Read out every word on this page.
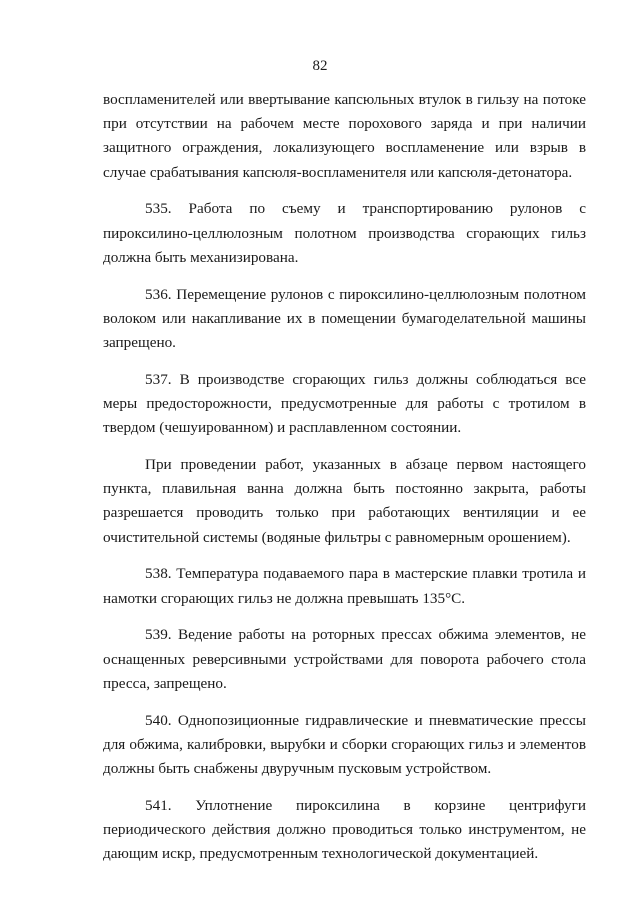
82

воспламенителей или ввертывание капсюльных втулок в гильзу на потоке при отсутствии на рабочем месте порохового заряда и при наличии защитного ограждения, локализующего воспламенение или взрыв в случае срабатывания капсюля-воспламенителя или капсюля-детонатора.

535. Работа по съему и транспортированию рулонов с пироксилино-целлюлозным полотном производства сгорающих гильз должна быть механизирована.

536. Перемещение рулонов с пироксилино-целлюлозным полотном волоком или накапливание их в помещении бумагоделательной машины запрещено.

537. В производстве сгорающих гильз должны соблюдаться все меры предосторожности, предусмотренные для работы с тротилом в твердом (чешуированном) и расплавленном состоянии.

При проведении работ, указанных в абзаце первом настоящего пункта, плавильная ванна должна быть постоянно закрыта, работы разрешается проводить только при работающих вентиляции и ее очистительной системы (водяные фильтры с равномерным орошением).

538. Температура подаваемого пара в мастерские плавки тротила и намотки сгорающих гильз не должна превышать 135°С.

539. Ведение работы на роторных прессах обжима элементов, не оснащенных реверсивными устройствами для поворота рабочего стола пресса, запрещено.

540. Однопозиционные гидравлические и пневматические прессы для обжима, калибровки, вырубки и сборки сгорающих гильз и элементов должны быть снабжены двуручным пусковым устройством.

541. Уплотнение пироксилина в корзине центрифуги периодического действия должно проводиться только инструментом, не дающим искр, предусмотренным технологической документацией.
